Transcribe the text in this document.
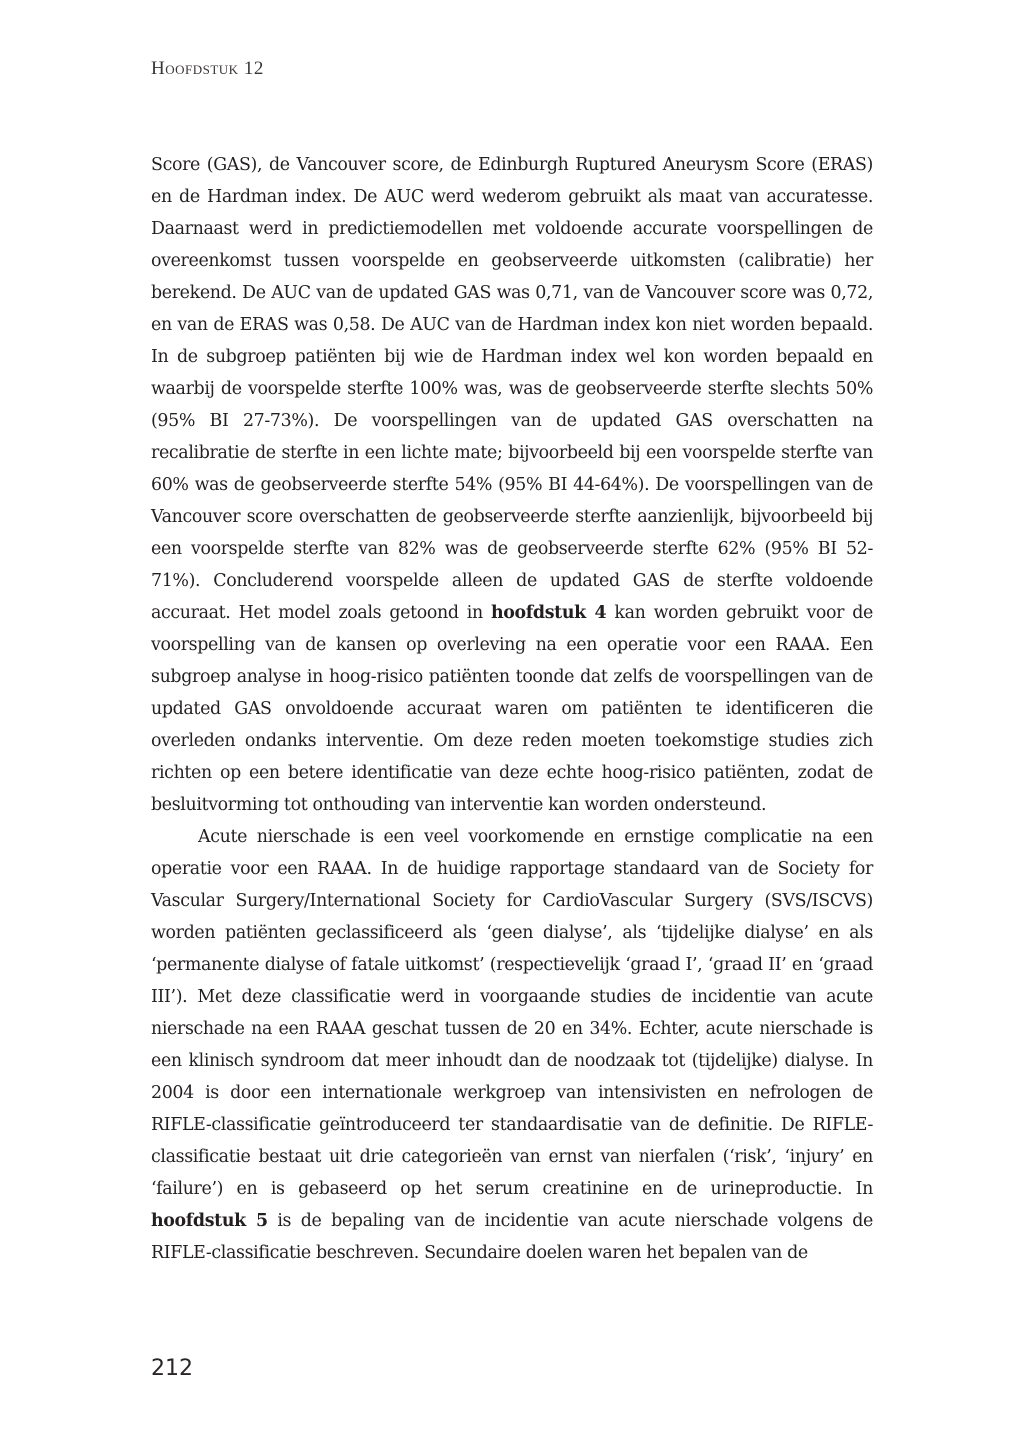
Hoofdstuk 12

Score (GAS), de Vancouver score, de Edinburgh Ruptured Aneurysm Score (ERAS) en de Hardman index. De AUC werd wederom gebruikt als maat van accuratesse. Daarnaast werd in predictiemodellen met voldoende accurate voorspellingen de overeenkomst tussen voorspelde en geobserveerde uitkomsten (calibratie) her berekend. De AUC van de updated GAS was 0,71, van de Vancouver score was 0,72, en van de ERAS was 0,58. De AUC van de Hardman index kon niet worden bepaald. In de subgroep patiënten bij wie de Hardman index wel kon worden bepaald en waarbij de voorspelde sterfte 100% was, was de geobserveerde sterfte slechts 50% (95% BI 27-73%). De voorspellingen van de updated GAS overschatten na recalibratie de sterfte in een lichte mate; bijvoorbeeld bij een voorspelde sterfte van 60% was de geobserveerde sterfte 54% (95% BI 44-64%). De voorspellingen van de Vancouver score overschatten de geobserveerde sterfte aanzienlijk, bijvoorbeeld bij een voorspelde sterfte van 82% was de geobserveerde sterfte 62% (95% BI 52-71%). Concluderend voorspelde alleen de updated GAS de sterfte voldoende accuraat. Het model zoals getoond in hoofdstuk 4 kan worden gebruikt voor de voorspelling van de kansen op overleving na een operatie voor een RAAA. Een subgroep analyse in hoog-risico patiënten toonde dat zelfs de voorspellingen van de updated GAS onvoldoende accuraat waren om patiënten te identificeren die overleden ondanks interventie. Om deze reden moeten toekomstige studies zich richten op een betere identificatie van deze echte hoog-risico patiënten, zodat de besluitvorming tot onthouding van interventie kan worden ondersteund.

Acute nierschade is een veel voorkomende en ernstige complicatie na een operatie voor een RAAA. In de huidige rapportage standaard van de Society for Vascular Surgery/International Society for CardioVascular Surgery (SVS/ISCVS) worden patiënten geclassificeerd als ‘geen dialyse’, als ‘tijdelijke dialyse’ en als ‘permanente dialyse of fatale uitkomst’ (respectievelijk ‘graad I’, ‘graad II’ en ‘graad III’). Met deze classificatie werd in voorgaande studies de incidentie van acute nierschade na een RAAA geschat tussen de 20 en 34%. Echter, acute nierschade is een klinisch syndroom dat meer inhoudt dan de noodzaak tot (tijdelijke) dialyse. In 2004 is door een internationale werkgroep van intensivisten en nefrologen de RIFLE-classificatie geïntroduceerd ter standaardisatie van de definitie. De RIFLE-classificatie bestaat uit drie categorieën van ernst van nierfalen (‘risk’, ‘injury’ en ‘failure’) en is gebaseerd op het serum creatinine en de urineproductie. In hoofdstuk 5 is de bepaling van de incidentie van acute nierschade volgens de RIFLE-classificatie beschreven. Secundaire doelen waren het bepalen van de

212
